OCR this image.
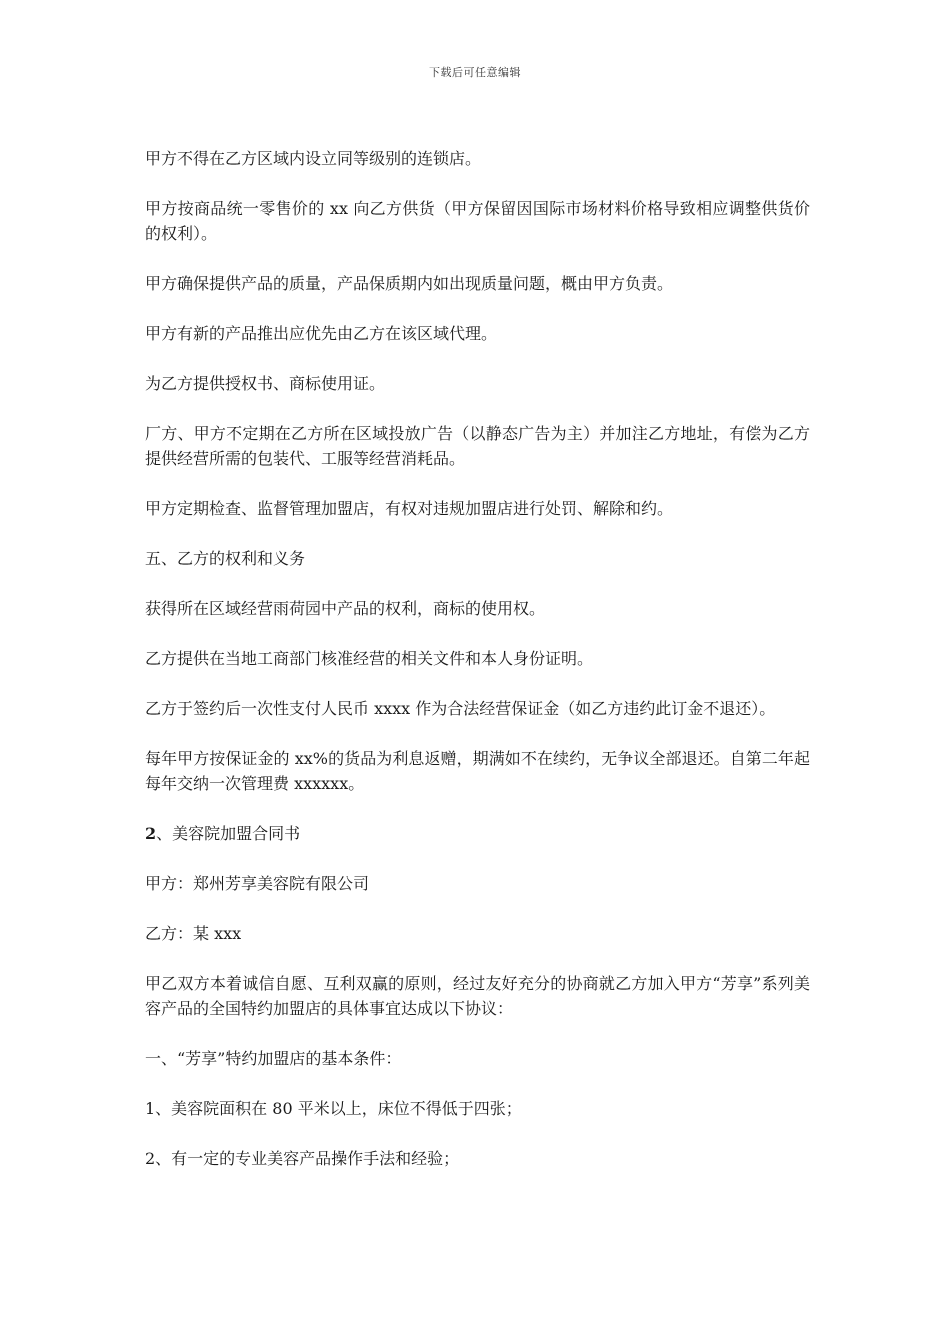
下载后可任意编辑

甲方不得在乙方区域内设立同等级别的连锁店。

甲方按商品统一零售价的 xx 向乙方供货（甲方保留因国际市场材料价格导致相应调整供货价的权利）。

甲方确保提供产品的质量，产品保质期内如出现质量问题，概由甲方负责。

甲方有新的产品推出应优先由乙方在该区域代理。

为乙方提供授权书、商标使用证。

厂方、甲方不定期在乙方所在区域投放广告（以静态广告为主）并加注乙方地址，有偿为乙方提供经营所需的包装代、工服等经营消耗品。

甲方定期检查、监督管理加盟店，有权对违规加盟店进行处罚、解除和约。

五、乙方的权利和义务

获得所在区域经营雨荷园中产品的权利，商标的使用权。

乙方提供在当地工商部门核准经营的相关文件和本人身份证明。

乙方于签约后一次性支付人民币 xxxx 作为合法经营保证金（如乙方违约此订金不退还）。

每年甲方按保证金的 xx%的货品为利息返赠，期满如不在续约，无争议全部退还。自第二年起每年交纳一次管理费 xxxxxx。

2、美容院加盟合同书

甲方：郑州芳享美容院有限公司

乙方：某 xxx

甲乙双方本着诚信自愿、互利双赢的原则，经过友好充分的协商就乙方加入甲方“芳享”系列美容产品的全国特约加盟店的具体事宜达成以下协议：

一、“芳享”特约加盟店的基本条件：

1、美容院面积在 80 平米以上，床位不得低于四张；

2、有一定的专业美容产品操作手法和经验；
